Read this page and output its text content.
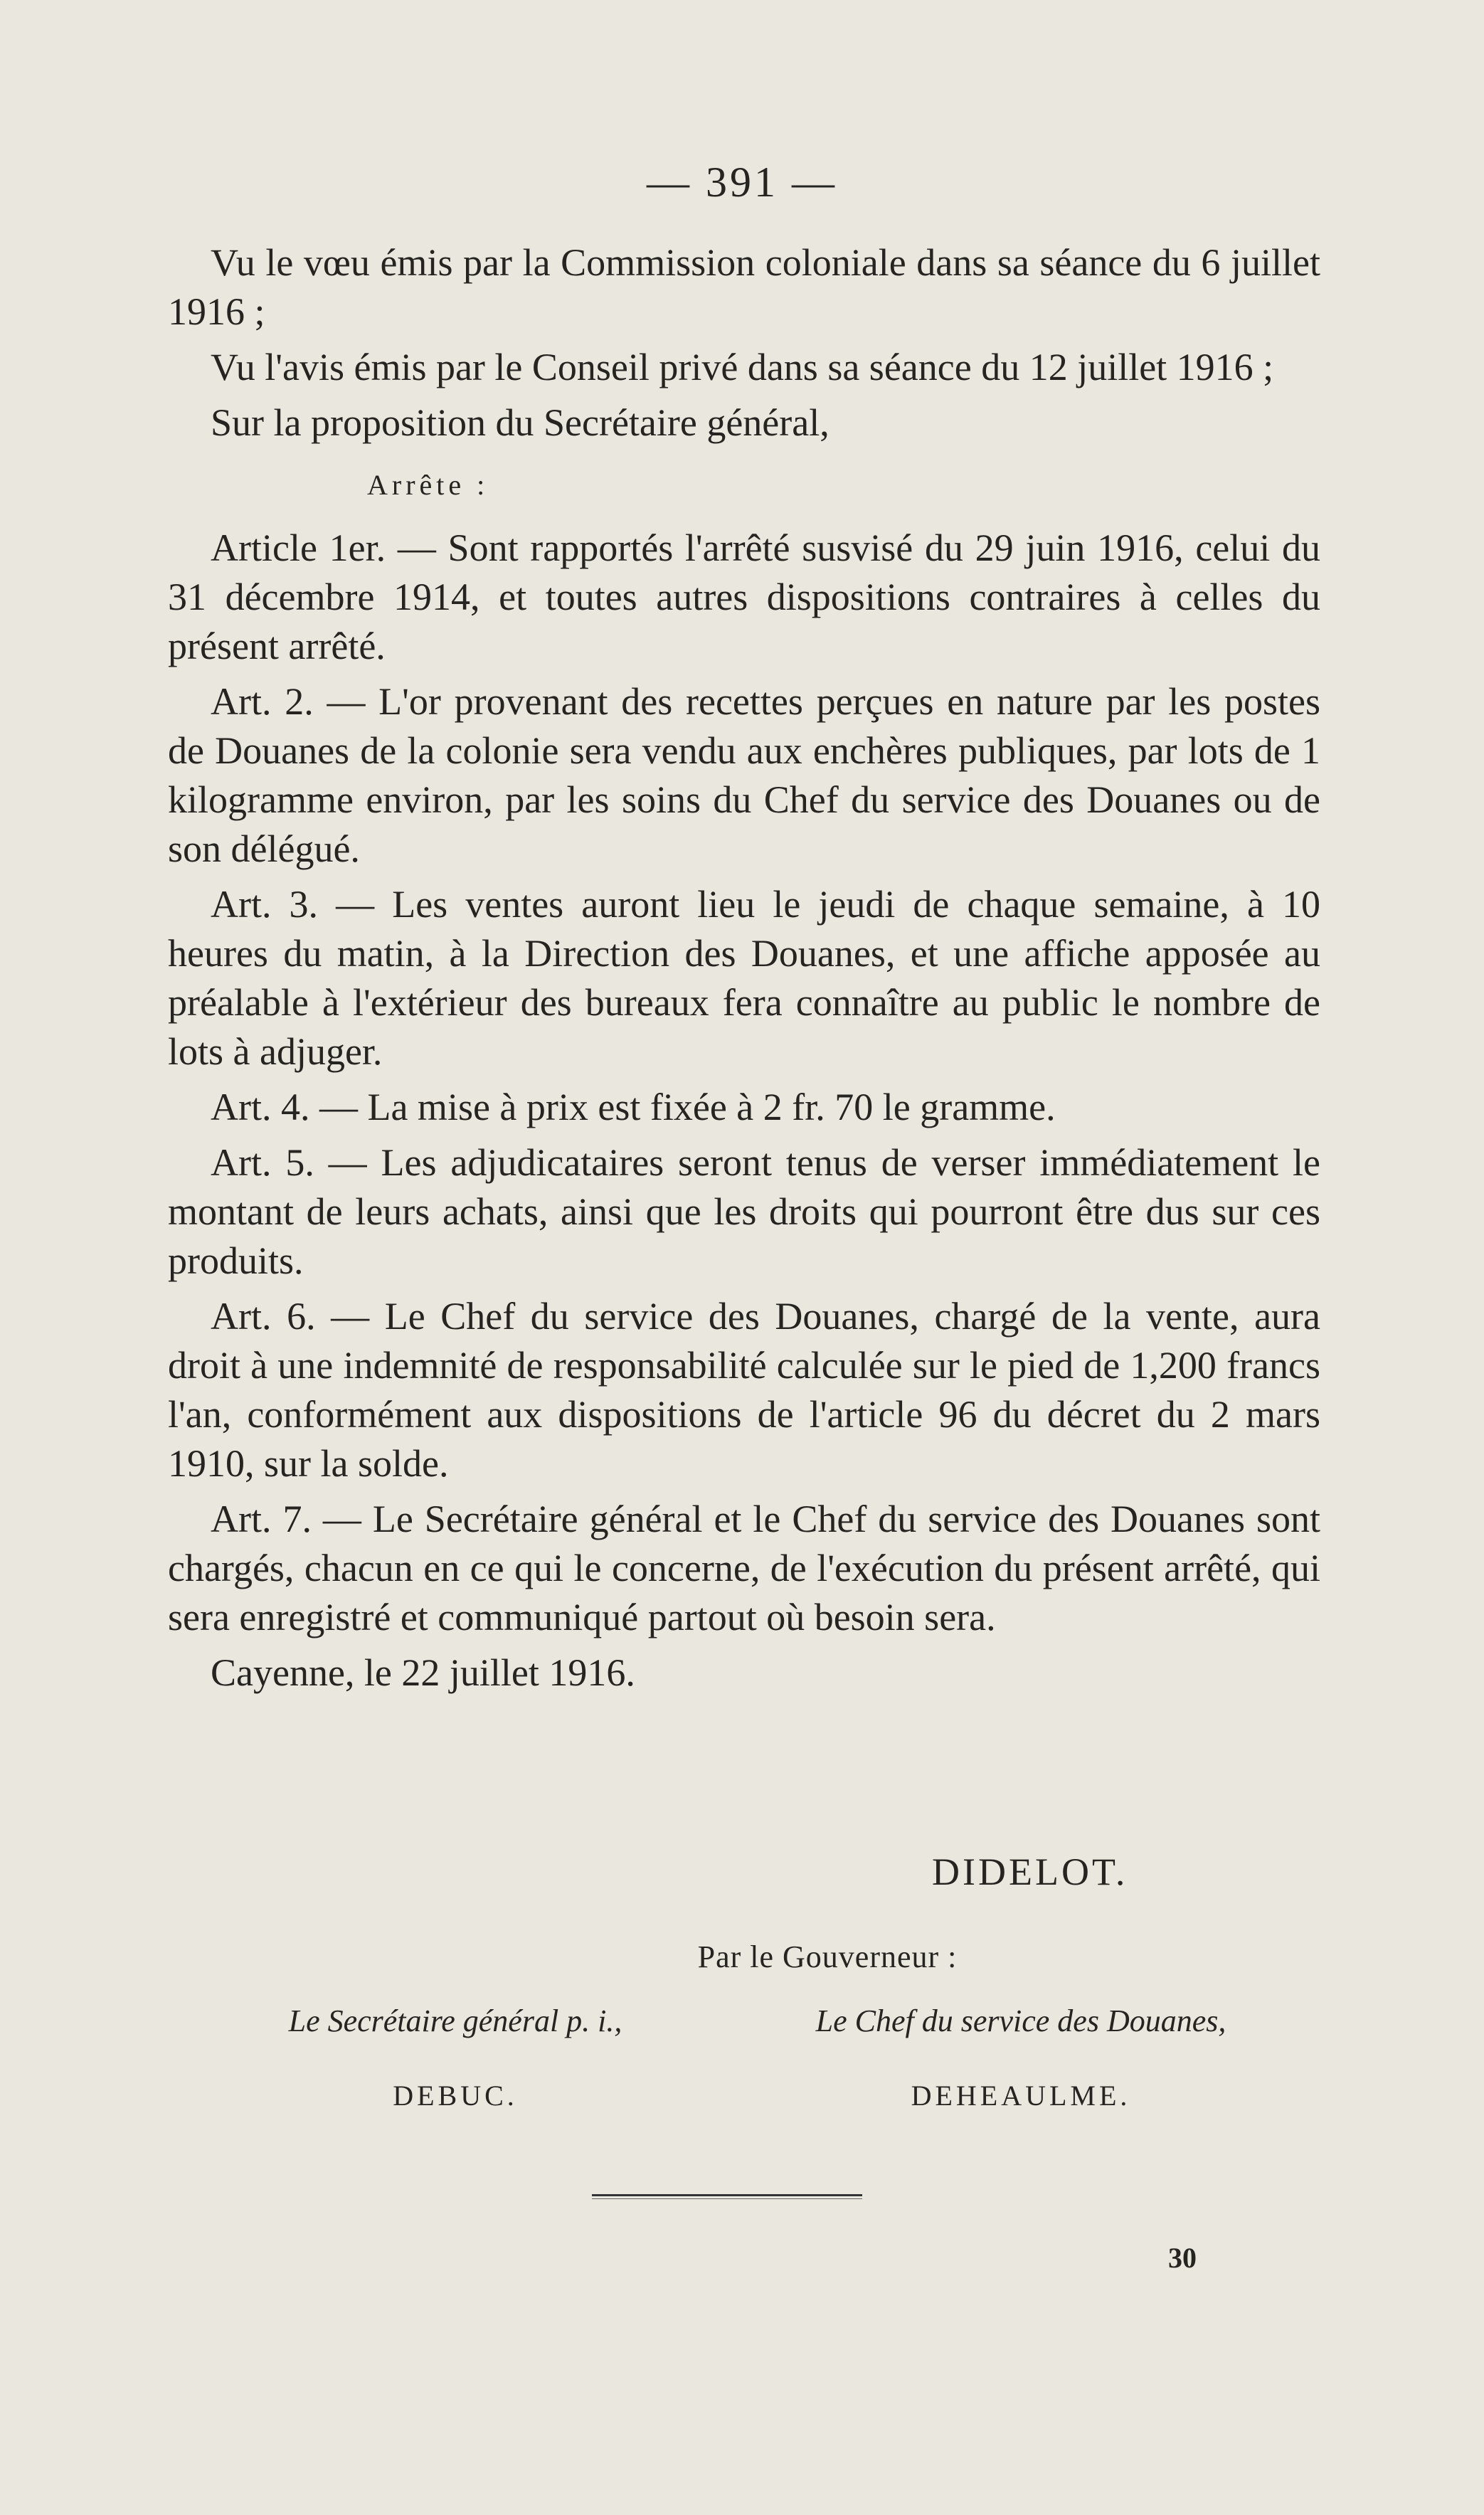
— 391 —

Vu le vœu émis par la Commission coloniale dans sa séance du 6 juillet 1916 ;

Vu l'avis émis par le Conseil privé dans sa séance du 12 juillet 1916 ;

Sur la proposition du Secrétaire général,

Arrête :

Article 1er. — Sont rapportés l'arrêté susvisé du 29 juin 1916, celui du 31 décembre 1914, et toutes autres dispositions contraires à celles du présent arrêté.

Art. 2. — L'or provenant des recettes perçues en nature par les postes de Douanes de la colonie sera vendu aux enchères publiques, par lots de 1 kilogramme environ, par les soins du Chef du service des Douanes ou de son délégué.

Art. 3. — Les ventes auront lieu le jeudi de chaque semaine, à 10 heures du matin, à la Direction des Douanes, et une affiche apposée au préalable à l'extérieur des bureaux fera connaître au public le nombre de lots à adjuger.

Art. 4. — La mise à prix est fixée à 2 fr. 70 le gramme.

Art. 5. — Les adjudicataires seront tenus de verser immédiatement le montant de leurs achats, ainsi que les droits qui pourront être dus sur ces produits.

Art. 6. — Le Chef du service des Douanes, chargé de la vente, aura droit à une indemnité de responsabilité calculée sur le pied de 1,200 francs l'an, conformément aux dispositions de l'article 96 du décret du 2 mars 1910, sur la solde.

Art. 7. — Le Secrétaire général et le Chef du service des Douanes sont chargés, chacun en ce qui le concerne, de l'exécution du présent arrêté, qui sera enregistré et communiqué partout où besoin sera.

Cayenne, le 22 juillet 1916.

DIDELOT.
Par le Gouverneur :
Le Secrétaire général p. i.,
DEBUC.
Le Chef du service des Douanes,
DEHEAULME.
30
